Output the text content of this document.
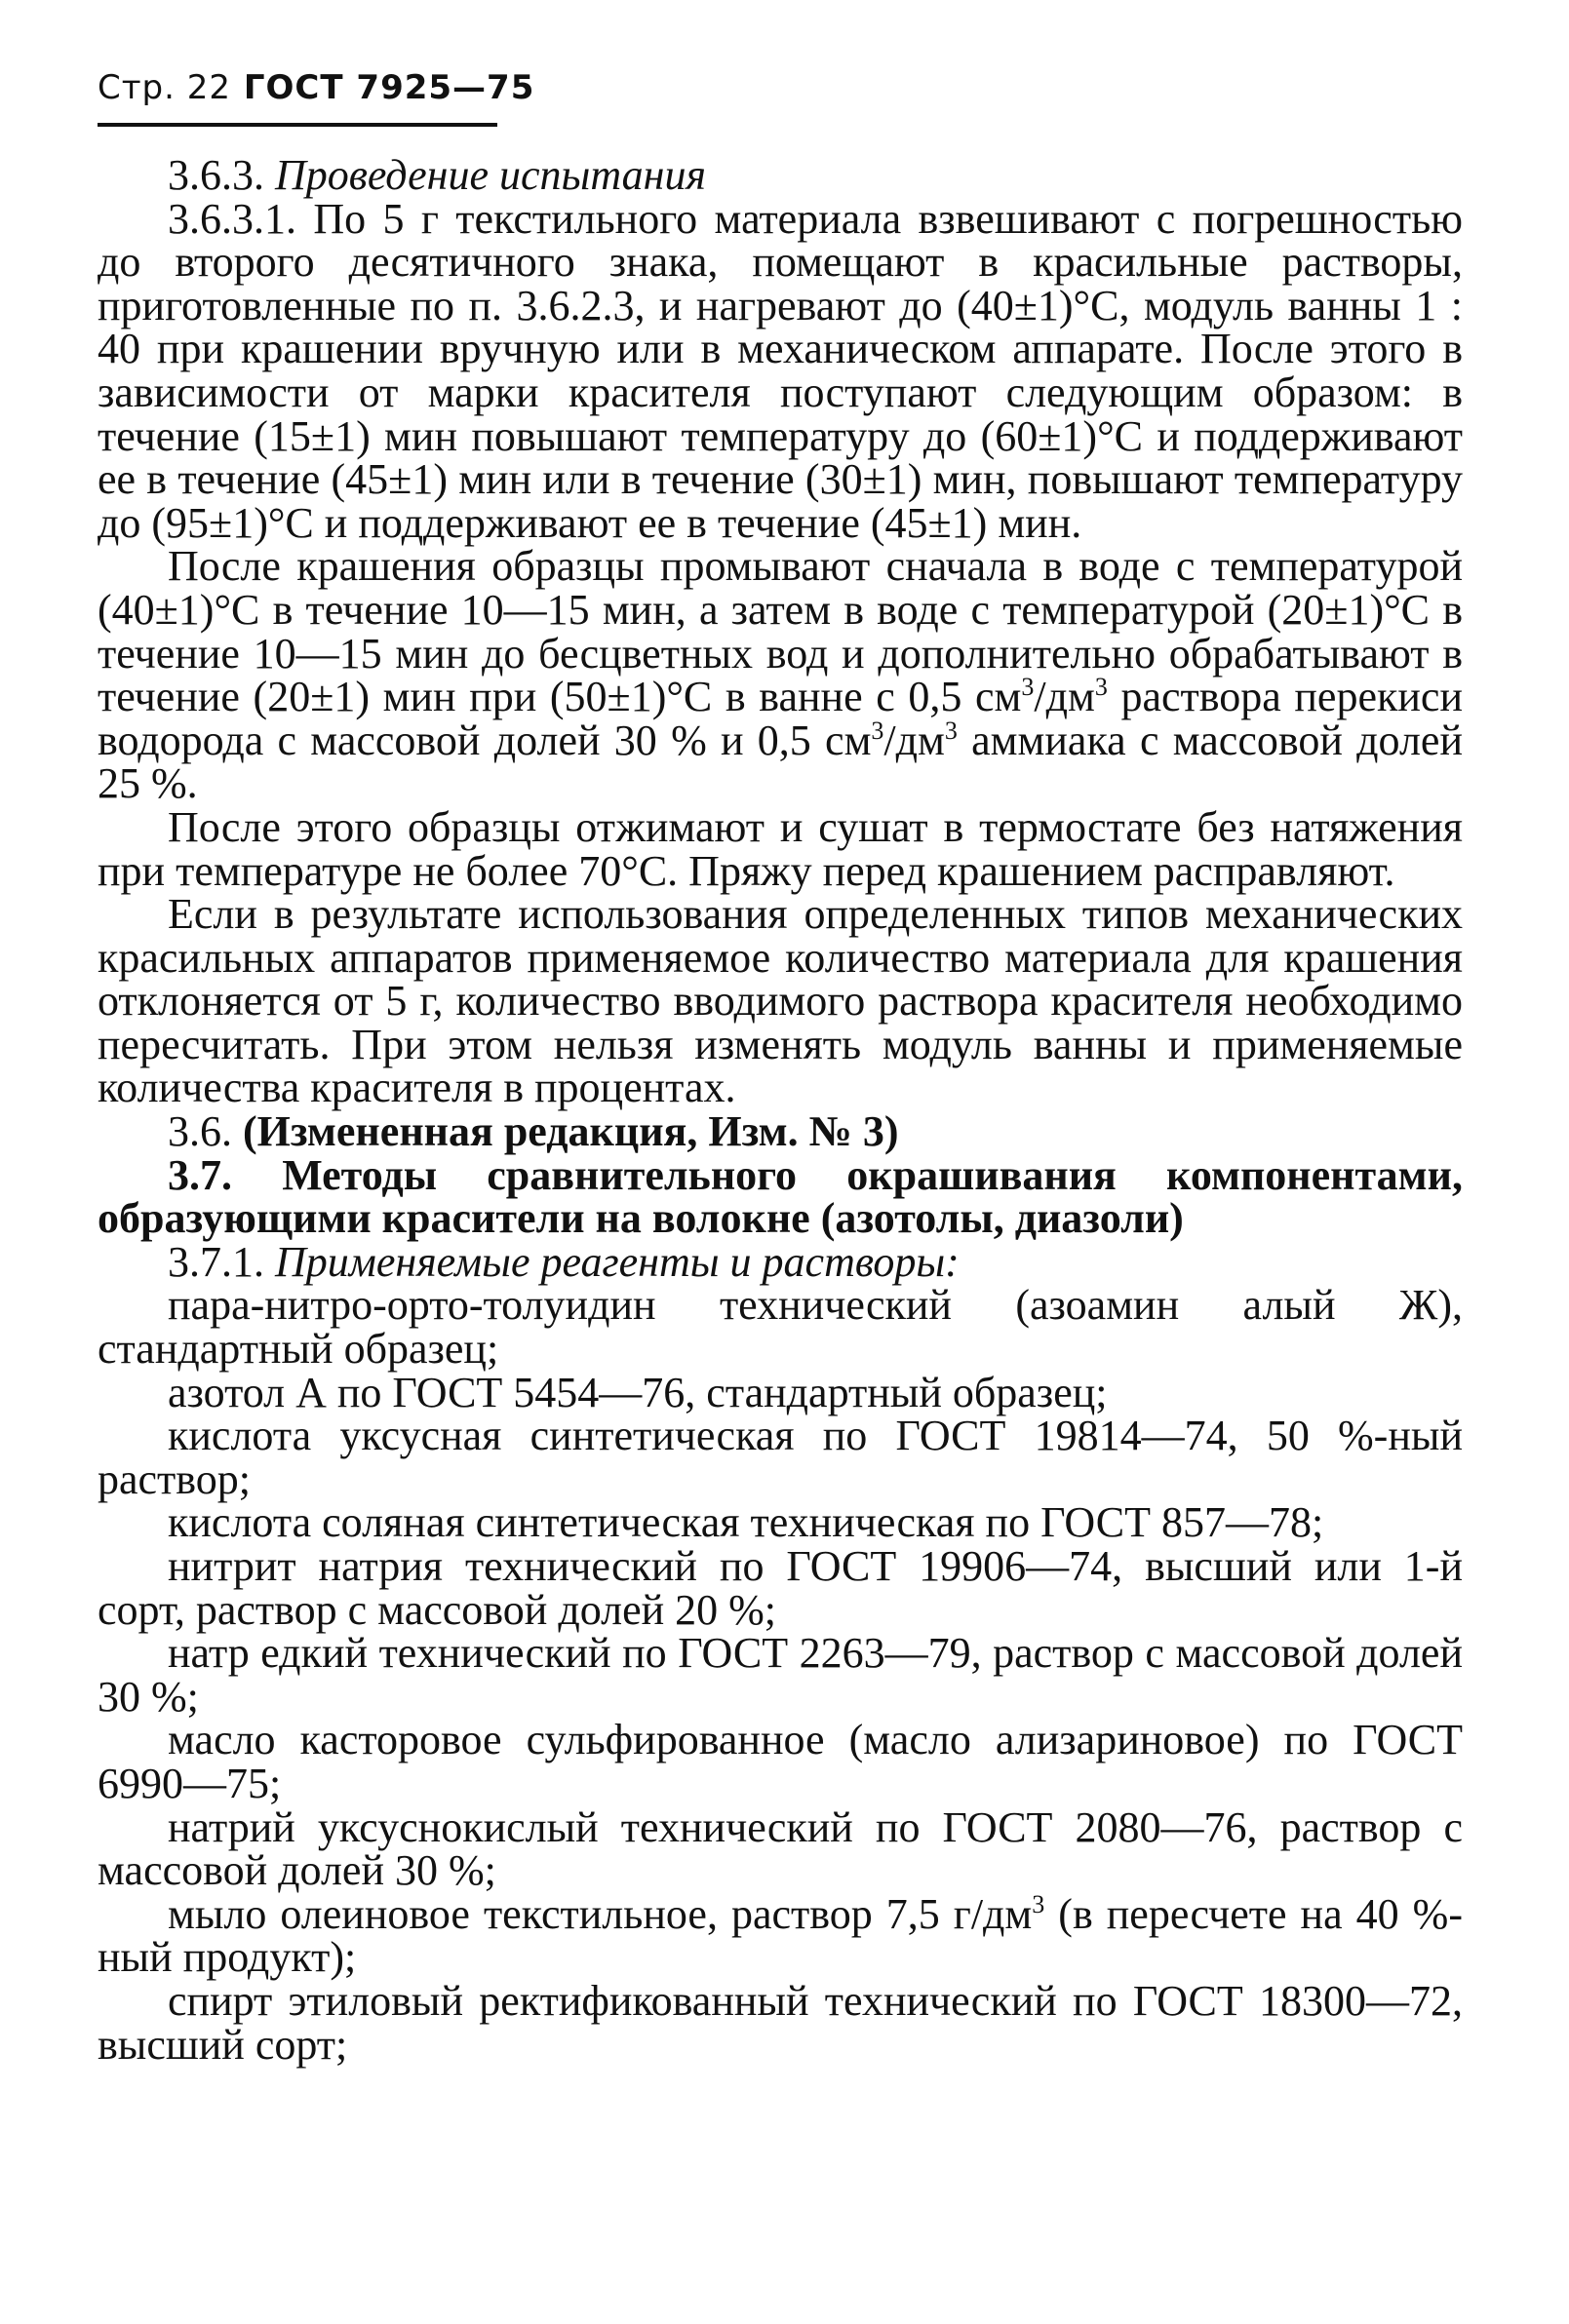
Стр. 22 ГОСТ 7925—75

3.6.3. Проведение испытания

3.6.3.1. По 5 г текстильного материала взвешивают с погрешностью до второго десятичного знака, помещают в красильные растворы, приготовленные по п. 3.6.2.3, и нагревают до (40±1)°С, модуль ванны 1 : 40 при крашении вручную или в механическом аппарате. После этого в зависимости от марки красителя поступают следующим образом: в течение (15±1) мин повышают температуру до (60±1)°С и поддерживают ее в течение (45±1) мин или в течение (30±1) мин, повышают температуру до (95±1)°С и поддерживают ее в течение (45±1) мин.

После крашения образцы промывают сначала в воде с температурой (40±1)°С в течение 10—15 мин, а затем в воде с температурой (20±1)°С в течение 10—15 мин до бесцветных вод и дополнительно обрабатывают в течение (20±1) мин при (50±1)°С в ванне с 0,5 $см^3/дм^3$ раствора перекиси водорода с массовой долей 30 % и 0,5 $см^3/дм^3$ аммиака с массовой долей 25 %.

После этого образцы отжимают и сушат в термостате без натяжения при температуре не более 70°С. Пряжу перед крашением расправляют.

Если в результате использования определенных типов механических красильных аппаратов применяемое количество материала для крашения отклоняется от 5 г, количество вводимого раствора красителя необходимо пересчитать. При этом нельзя изменять модуль ванны и применяемые количества красителя в процентах.

3.6. (Измененная редакция, Изм. № 3)

3.7. Методы сравнительного окрашивания компонентами, образующими красители на волокне (азотолы, диазоли)

3.7.1. Применяемые реагенты и растворы:

пара-нитро-орто-толуидин технический (азоамин алый Ж), стандартный образец;

азотол А по ГОСТ 5454—76, стандартный образец;

кислота уксусная синтетическая по ГОСТ 19814—74, 50 %-ный раствор;

кислота соляная синтетическая техническая по ГОСТ 857—78;

нитрит натрия технический по ГОСТ 19906—74, высший или 1-й сорт, раствор с массовой долей 20 %;

натр едкий технический по ГОСТ 2263—79, раствор с массовой долей 30 %;

масло касторовое сульфированное (масло ализариновое) по ГОСТ 6990—75;

натрий уксуснокислый технический по ГОСТ 2080—76, раствор с массовой долей 30 %;

мыло олеиновое текстильное, раствор 7,5 $г/дм^3$ (в пересчете на 40 %-ный продукт);

спирт этиловый ректификованный технический по ГОСТ 18300—72, высший сорт;
